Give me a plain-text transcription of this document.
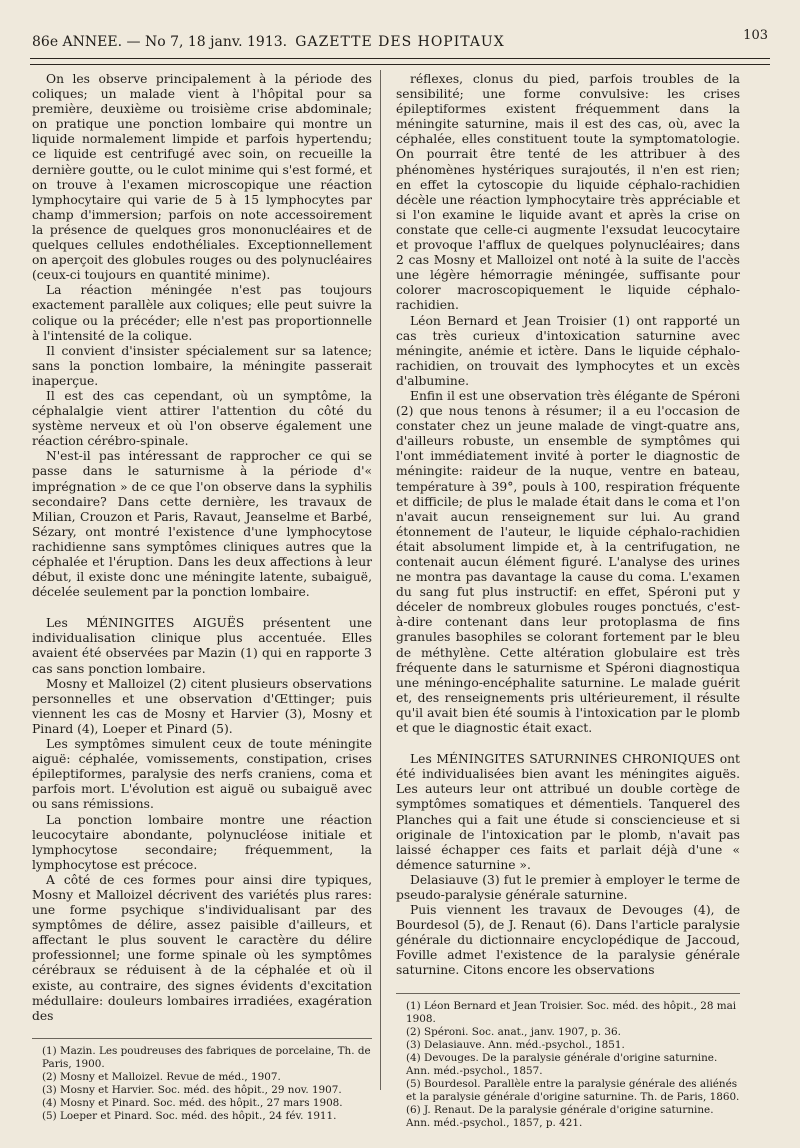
86e ANNEE. — No 7, 18 janv. 1913. GAZETTE DES HOPITAUX	103

On les observe principalement à la période des coliques; un malade vient à l'hôpital pour sa première, deuxième ou troisième crise abdominale; on pratique une ponction lombaire qui montre un liquide normalement limpide et parfois hypertendu; ce liquide est centrifugé avec soin, on recueille la dernière goutte, ou le culot minime qui s'est formé, et on trouve à l'examen microscopique une réaction lymphocytaire qui varie de 5 à 15 lymphocytes par champ d'immersion; parfois on note accessoirement la présence de quelques gros mononucléaires et de quelques cellules endothéliales. Exceptionnellement on aperçoit des globules rouges ou des polynucléaires (ceux-ci toujours en quantité minime).

La réaction méningée n'est pas toujours exactement parallèle aux coliques; elle peut suivre la colique ou la précéder; elle n'est pas proportionnelle à l'intensité de la colique.

Il convient d'insister spécialement sur sa latence; sans la ponction lombaire, la méningite passerait inaperçue.

Il est des cas cependant, où un symptôme, la céphalalgie vient attirer l'attention du côté du système nerveux et où l'on observe également une réaction cérébro-spinale.

N'est-il pas intéressant de rapprocher ce qui se passe dans le saturnisme à la période d'« imprégnation » de ce que l'on observe dans la syphilis secondaire? Dans cette dernière, les travaux de Milian, Crouzon et Paris, Ravaut, Jeanselme et Barbé, Sézary, ont montré l'existence d'une lymphocytose rachidienne sans symptômes cliniques autres que la céphalée et l'éruption. Dans les deux affections à leur début, il existe donc une méningite latente, subaiguë, décelée seulement par la ponction lombaire.

Les MÉNINGITES AIGUËS présentent une individualisation clinique plus accentuée. Elles avaient été observées par Mazin (1) qui en rapporte 3 cas sans ponction lombaire.

Mosny et Malloizel (2) citent plusieurs observations personnelles et une observation d'Œttinger; puis viennent les cas de Mosny et Harvier (3), Mosny et Pinard (4), Loeper et Pinard (5).

Les symptômes simulent ceux de toute méningite aiguë: céphalée, vomissements, constipation, crises épileptiformes, paralysie des nerfs craniens, coma et parfois mort. L'évolution est aiguë ou subaiguë avec ou sans rémissions.

La ponction lombaire montre une réaction leucocytaire abondante, polynucléose initiale et lymphocytose secondaire; fréquemment, la lymphocytose est précoce.

A côté de ces formes pour ainsi dire typiques, Mosny et Malloizel décrivent des variétés plus rares: une forme psychique s'individualisant par des symptômes de délire, assez paisible d'ailleurs, et affectant le plus souvent le caractère du délire professionnel; une forme spinale où les symptômes cérébraux se réduisent à de la céphalée et où il existe, au contraire, des signes évidents d'excitation médullaire: douleurs lombaires irradiées, exagération des

(1) Mazin. Les poudreuses des fabriques de porcelaine, Th. de Paris, 1900.
(2) Mosny et Malloizel. Revue de méd., 1907.
(3) Mosny et Harvier. Soc. méd. des hôpit., 29 nov. 1907.
(4) Mosny et Pinard. Soc. méd. des hôpit., 27 mars 1908.
(5) Loeper et Pinard. Soc. méd. des hôpit., 24 fév. 1911.

réflexes, clonus du pied, parfois troubles de la sensibilité; une forme convulsive: les crises épileptiformes existent fréquemment dans la méningite saturnine, mais il est des cas, où, avec la céphalée, elles constituent toute la symptomatologie. On pourrait être tenté de les attribuer à des phénomènes hystériques surajoutés, il n'en est rien; en effet la cytoscopie du liquide céphalo-rachidien décèle une réaction lymphocytaire très appréciable et si l'on examine le liquide avant et après la crise on constate que celle-ci augmente l'exsudat leucocytaire et provoque l'afflux de quelques polynucléaires; dans 2 cas Mosny et Malloizel ont noté à la suite de l'accès une légère hémorragie méningée, suffisante pour colorer macroscopiquement le liquide céphalo-rachidien.

Léon Bernard et Jean Troisier (1) ont rapporté un cas très curieux d'intoxication saturnine avec méningite, anémie et ictère. Dans le liquide céphalo-rachidien, on trouvait des lymphocytes et un excès d'albumine.

Enfin il est une observation très élégante de Spéroni (2) que nous tenons à résumer; il a eu l'occasion de constater chez un jeune malade de vingt-quatre ans, d'ailleurs robuste, un ensemble de symptômes qui l'ont immédiatement invité à porter le diagnostic de méningite: raideur de la nuque, ventre en bateau, température à 39°, pouls à 100, respiration fréquente et difficile; de plus le malade était dans le coma et l'on n'avait aucun renseignement sur lui. Au grand étonnement de l'auteur, le liquide céphalo-rachidien était absolument limpide et, à la centrifugation, ne contenait aucun élément figuré. L'analyse des urines ne montra pas davantage la cause du coma. L'examen du sang fut plus instructif: en effet, Spéroni put y déceler de nombreux globules rouges ponctués, c'est-à-dire contenant dans leur protoplasma de fins granules basophiles se colorant fortement par le bleu de méthylène. Cette altération globulaire est très fréquente dans le saturnisme et Spéroni diagnostiqua une méningo-encéphalite saturnine. Le malade guérit et, des renseignements pris ultérieurement, il résulte qu'il avait bien été soumis à l'intoxication par le plomb et que le diagnostic était exact.

Les MÉNINGITES SATURNINES CHRONIQUES ont été individualisées bien avant les méningites aiguës. Les auteurs leur ont attribué un double cortège de symptômes somatiques et démentiels. Tanquerel des Planches qui a fait une étude si consciencieuse et si originale de l'intoxication par le plomb, n'avait pas laissé échapper ces faits et parlait déjà d'une « démence saturnine ».

Delasiauve (3) fut le premier à employer le terme de pseudo-paralysie générale saturnine.

Puis viennent les travaux de Devouges (4), de Bourdesol (5), de J. Renaut (6). Dans l'article paralysie générale du dictionnaire encyclopédique de Jaccoud, Foville admet l'existence de la paralysie générale saturnine. Citons encore les observations

(1) Léon Bernard et Jean Troisier. Soc. méd. des hôpit., 28 mai 1908.
(2) Spéroni. Soc. anat., janv. 1907, p. 36.
(3) Delasiauve. Ann. méd.-psychol., 1851.
(4) Devouges. De la paralysie générale d'origine saturnine. Ann. méd.-psychol., 1857.
(5) Bourdesol. Parallèle entre la paralysie générale des aliénés et la paralysie générale d'origine saturnine. Th. de Paris, 1860.
(6) J. Renaut. De la paralysie générale d'origine saturnine. Ann. méd.-psychol., 1857, p. 421.
